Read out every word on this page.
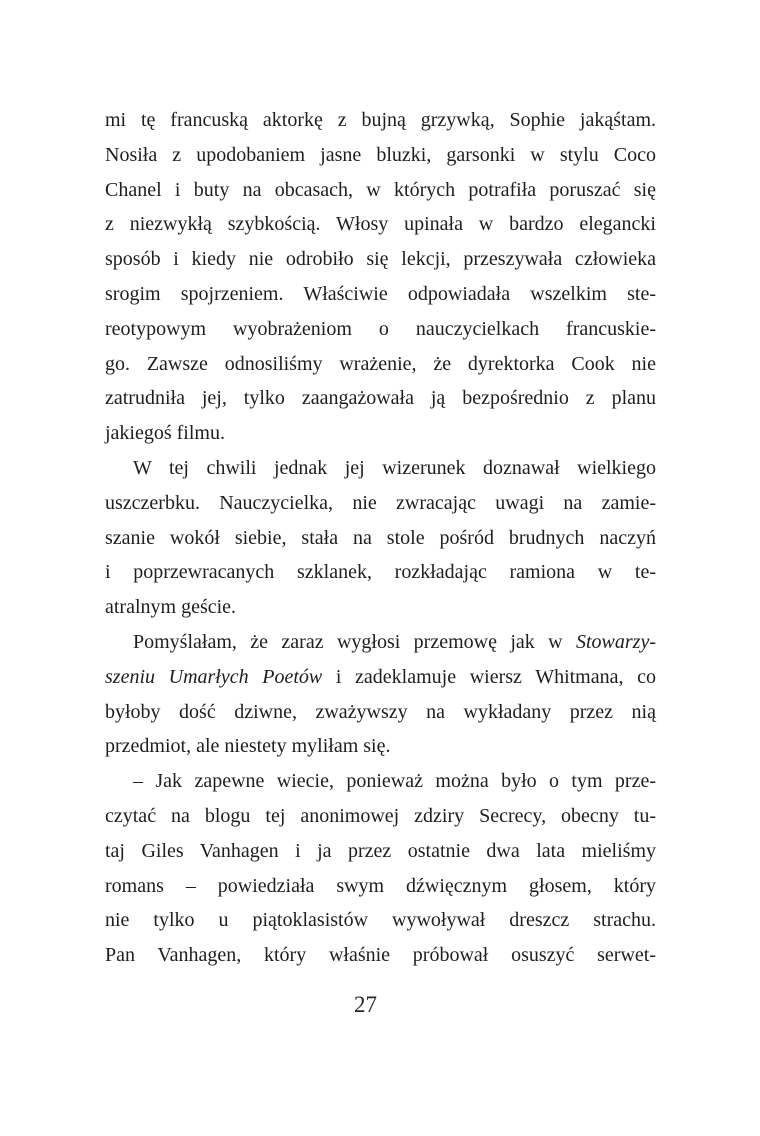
mi tę francuską aktorkę z bujną grzywką, Sophie jakąśtam.
Nosiła z upodobaniem jasne bluzki, garsonki w stylu Coco
Chanel i buty na obcasach, w których potrafiła poruszać się
z niezwykłą szybkością. Włosy upinała w bardzo elegancki
sposób i kiedy nie odrobiło się lekcji, przeszywała człowieka
srogim spojrzeniem. Właściwie odpowiadała wszelkim ste-
reotypowym wyobrażeniom o nauczycielkach francuskie-
go. Zawsze odnosiliśmy wrażenie, że dyrektorka Cook nie
zatrudniła jej, tylko zaangażowała ją bezpośrednio z planu
jakiegoś filmu.
W tej chwili jednak jej wizerunek doznawał wielkiego
uszczerbku. Nauczycielka, nie zwracając uwagi na zamie-
szanie wokół siebie, stała na stole pośród brudnych naczyń
i poprzewracanych szklanek, rozkładając ramiona w te-
atralnym geście.
Pomyślałam, że zaraz wygłosi przemowę jak w Stowarzy-
szeniu Umarłych Poetów i zadeklamuje wiersz Whitmana, co
byłoby dość dziwne, zważywszy na wykładany przez nią
przedmiot, ale niestety myliłam się.
– Jak zapewne wiecie, ponieważ można było o tym prze-
czytać na blogu tej anonimowej zdziry Secrecy, obecny tu-
taj Giles Vanhagen i ja przez ostatnie dwa lata mieliśmy
romans – powiedziała swym dźwięcznym głosem, który
nie tylko u piątoklasistów wywoływał dreszcz strachu.
Pan Vanhagen, który właśnie próbował osuszyć serwet-
27
